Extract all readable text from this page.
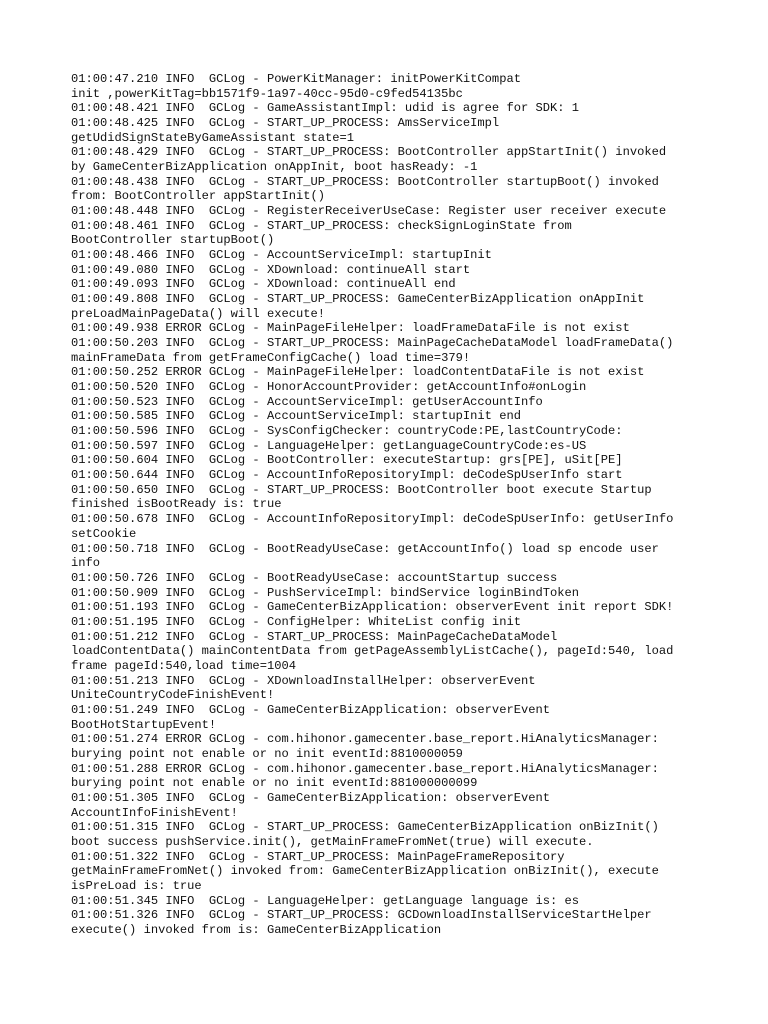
01:00:47.210 INFO  GCLog - PowerKitManager: initPowerKitCompat
init ,powerKitTag=bb1571f9-1a97-40cc-95d0-c9fed54135bc
01:00:48.421 INFO  GCLog - GameAssistantImpl: udid is agree for SDK: 1
01:00:48.425 INFO  GCLog - START_UP_PROCESS: AmsServiceImpl
getUdidSignStateByGameAssistant state=1
01:00:48.429 INFO  GCLog - START_UP_PROCESS: BootController appStartInit() invoked
by GameCenterBizApplication onAppInit, boot hasReady: -1
01:00:48.438 INFO  GCLog - START_UP_PROCESS: BootController startupBoot() invoked
from: BootController appStartInit()
01:00:48.448 INFO  GCLog - RegisterReceiverUseCase: Register user receiver execute
01:00:48.461 INFO  GCLog - START_UP_PROCESS: checkSignLoginState from
BootController startupBoot()
01:00:48.466 INFO  GCLog - AccountServiceImpl: startupInit
01:00:49.080 INFO  GCLog - XDownload: continueAll start
01:00:49.093 INFO  GCLog - XDownload: continueAll end
01:00:49.808 INFO  GCLog - START_UP_PROCESS: GameCenterBizApplication onAppInit
preLoadMainPageData() will execute!
01:00:49.938 ERROR GCLog - MainPageFileHelper: loadFrameDataFile is not exist
01:00:50.203 INFO  GCLog - START_UP_PROCESS: MainPageCacheDataModel loadFrameData()
mainFrameData from getFrameConfigCache() load time=379!
01:00:50.252 ERROR GCLog - MainPageFileHelper: loadContentDataFile is not exist
01:00:50.520 INFO  GCLog - HonorAccountProvider: getAccountInfo#onLogin
01:00:50.523 INFO  GCLog - AccountServiceImpl: getUserAccountInfo
01:00:50.585 INFO  GCLog - AccountServiceImpl: startupInit end
01:00:50.596 INFO  GCLog - SysConfigChecker: countryCode:PE,lastCountryCode:
01:00:50.597 INFO  GCLog - LanguageHelper: getLanguageCountryCode:es-US
01:00:50.604 INFO  GCLog - BootController: executeStartup: grs[PE], uSit[PE]
01:00:50.644 INFO  GCLog - AccountInfoRepositoryImpl: deCodeSpUserInfo start
01:00:50.650 INFO  GCLog - START_UP_PROCESS: BootController boot execute Startup
finished isBootReady is: true
01:00:50.678 INFO  GCLog - AccountInfoRepositoryImpl: deCodeSpUserInfo: getUserInfo
setCookie
01:00:50.718 INFO  GCLog - BootReadyUseCase: getAccountInfo() load sp encode user
info
01:00:50.726 INFO  GCLog - BootReadyUseCase: accountStartup success
01:00:50.909 INFO  GCLog - PushServiceImpl: bindService loginBindToken
01:00:51.193 INFO  GCLog - GameCenterBizApplication: observerEvent init report SDK!
01:00:51.195 INFO  GCLog - ConfigHelper: WhiteList config init
01:00:51.212 INFO  GCLog - START_UP_PROCESS: MainPageCacheDataModel
loadContentData() mainContentData from getPageAssemblyListCache(), pageId:540, load
frame pageId:540,load time=1004
01:00:51.213 INFO  GCLog - XDownloadInstallHelper: observerEvent
UniteCountryCodeFinishEvent!
01:00:51.249 INFO  GCLog - GameCenterBizApplication: observerEvent
BootHotStartupEvent!
01:00:51.274 ERROR GCLog - com.hihonor.gamecenter.base_report.HiAnalyticsManager:
burying point not enable or no init eventId:8810000059
01:00:51.288 ERROR GCLog - com.hihonor.gamecenter.base_report.HiAnalyticsManager:
burying point not enable or no init eventId:881000000099
01:00:51.305 INFO  GCLog - GameCenterBizApplication: observerEvent
AccountInfoFinishEvent!
01:00:51.315 INFO  GCLog - START_UP_PROCESS: GameCenterBizApplication onBizInit()
boot success pushService.init(), getMainFrameFromNet(true) will execute.
01:00:51.322 INFO  GCLog - START_UP_PROCESS: MainPageFrameRepository
getMainFrameFromNet() invoked from: GameCenterBizApplication onBizInit(), execute
isPreLoad is: true
01:00:51.345 INFO  GCLog - LanguageHelper: getLanguage language is: es
01:00:51.326 INFO  GCLog - START_UP_PROCESS: GCDownloadInstallServiceStartHelper
execute() invoked from is: GameCenterBizApplication
